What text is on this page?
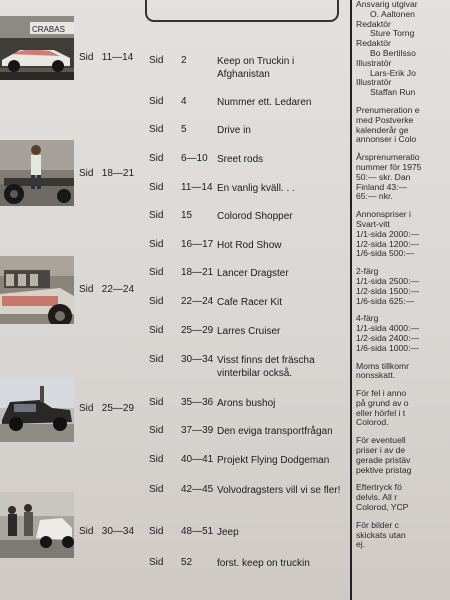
CRABAS
Sid 11—14
Sid 18—21
Sid 22—24
Sid 25—29
Sid 30—34
Sid 2	Keep on Truckin i Afghanistan
Sid 4	Nummer ett. Ledaren
Sid 5	Drive in
Sid 6—10 Sreet rods
Sid 11—14 En vanlig kväll. . .
Sid 15 Colorod Shopper
Sid 16—17 Hot Rod Show
Sid 18—21 Lancer Dragster
Sid 22—24 Cafe Racer Kit
Sid 25—29 Larres Cruiser
Sid 30—34 Visst finns det fräscha vinterbilar också.
Sid 35—36 Arons bushoj
Sid 37—39 Den eviga transportfrågan
Sid 40—41 Projekt Flying Dodgeman
Sid 42—45 Volvodragsters vill vi se fler!
Sid 48—51 Jeep
Sid 52 forst. keep on truckin
Ansvarig utgivar
O. Aaltonen
Redaktör
Sture Torng
Redaktör
Bo Bertilsso
Illustratör
Lars-Erik Jo
Illustratör
Staffan Run
Prenumeration e
med Postverke
kalenderår ge
annonser i Colo
Årsprenumeratio
nummer för 1975
50:— skr. Dan
Finland 43:—
65:— nkr.
Annonspriser i
Svart-vitt
1/1-sida 2000:—
1/2-sida 1200:—
1/6-sida 500:—
2-färg
1/1-sida 2500:—
1/2-sida 1500:—
1/6-sida 625:—
4-färg
1/1-sida 4000:—
1/2-sida 2400:—
1/6-sida 1000:—
Moms tillkomr
nonsskatt.
För fel i anno
på grund av o
eller hörfel i t
Colorod.
För eventuell
priser i av de
gerade pristäv
pektive pristag
Eftertryck fö
delvis. All r
Colorod, YCP
För bilder c
skickats utan
ej.
